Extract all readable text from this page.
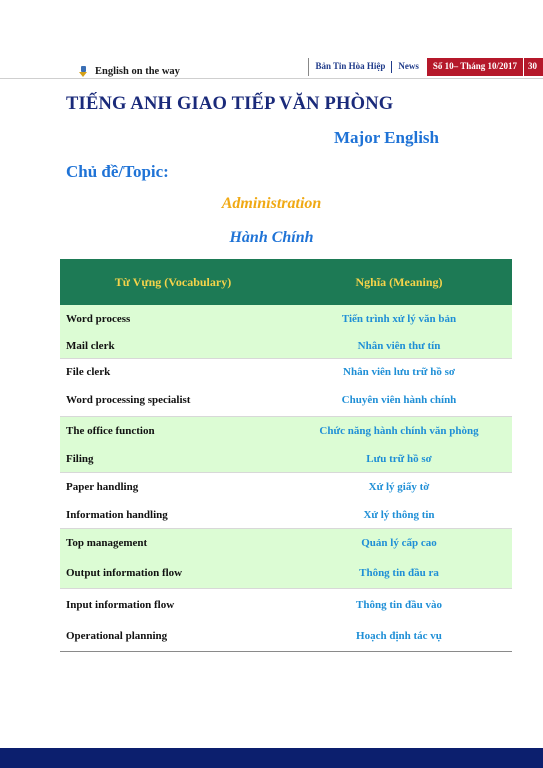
English on the way	Bản Tin Hòa Hiệp	News	Số 10– Tháng 10/2017	30
TIẾNG ANH GIAO TIẾP VĂN PHÒNG
Major English
Chủ đề/Topic:
Administration
Hành Chính
Từ Vựng (Vocabulary)	Nghĩa (Meaning)
Word process	Tiến trình xử lý văn bản
Mail clerk	Nhân viên thư tín
File clerk	Nhân viên lưu trữ hồ sơ
Word processing specialist	Chuyên viên hành chính
The office function	Chức năng hành chính văn phòng
Filing	Lưu trữ hồ sơ
Paper handling	Xử lý giấy tờ
Information handling	Xử lý thông tin
Top management	Quản lý cấp cao
Output information flow	Thông tin đầu ra
Input information flow	Thông tin đầu vào
Operational planning	Hoạch định tác vụ
